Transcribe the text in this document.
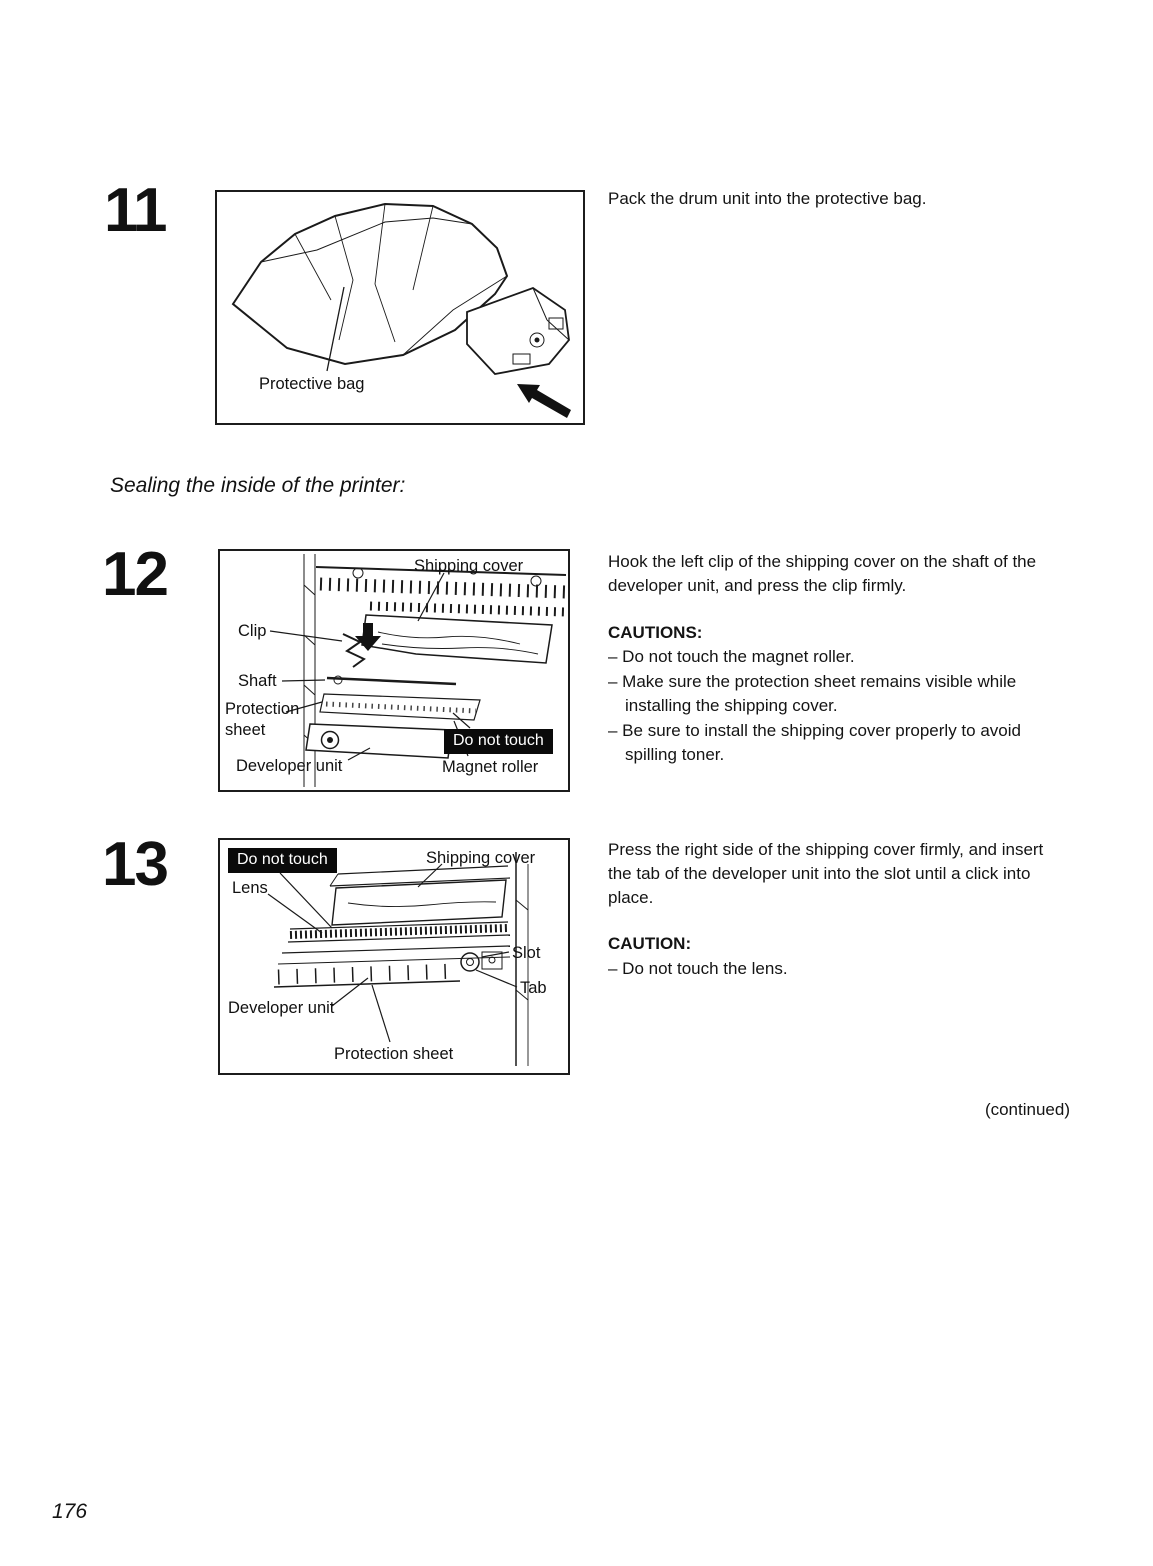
11
Protective bag
Pack the drum unit into the protective bag.
Sealing the inside of the printer:
12	Shipping cover
Clip
Shaft
Protection sheet
Developer unit
Do not touch
Magnet roller
Hook the left clip of the shipping cover on the shaft of the developer unit, and press the clip firmly.
CAUTIONS:
– Do not touch the magnet roller.
– Make sure the protection sheet remains visible while installing the shipping cover.
– Be sure to install the shipping cover properly to avoid spilling toner.
13	Do not touch
Lens
Shipping cover
Slot
Tab
Developer unit
Protection sheet
Press the right side of the shipping cover firmly, and insert the tab of the developer unit into the slot until a click into place.
CAUTION:
– Do not touch the lens.
(continued)
176
